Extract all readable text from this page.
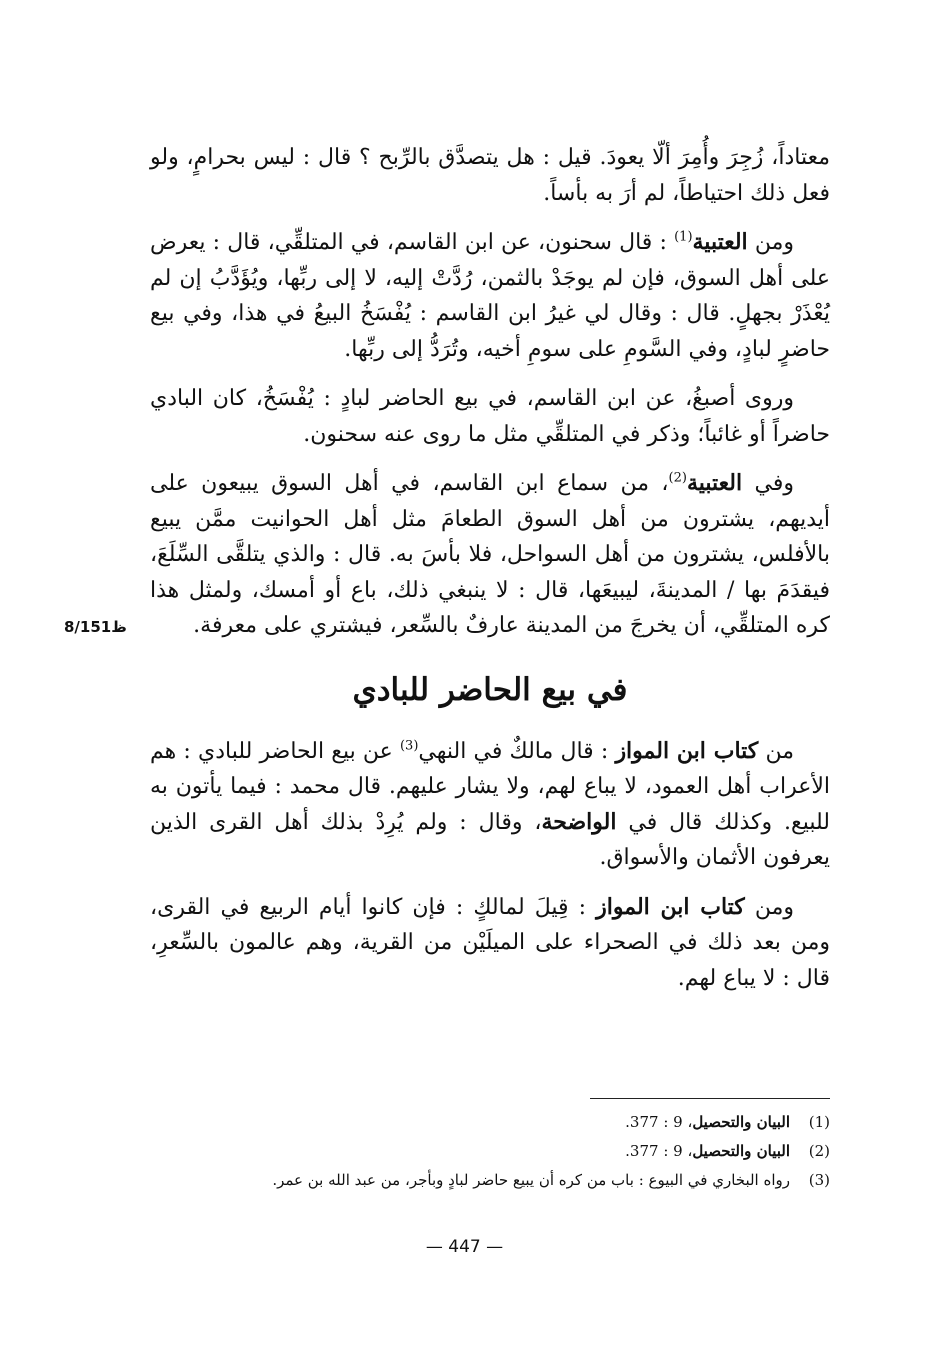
8/151ظ

معتاداً، زُجِرَ وأُمِرَ ألّا يعودَ. قيل : هل يتصدَّق بالرِّبح ؟ قال : ليس بحرامٍ، ولو فعل ذلك احتياطاً، لم أرَ به بأساً.

ومن العتبية$^{(1)}$ : قال سحنون، عن ابن القاسم، في المتلقِّي، قال : يعرض على أهل السوق، فإن لم يوجَدْ بالثمن، رُدَّتْ إليه، لا إلى ربِّها، ويُؤَدَّبُ إن لم يُعْذَرْ بجهلٍ. قال : وقال لي غيرُ ابن القاسم : يُفْسَخُ البيعُ في هذا، وفي بيع حاضرٍ لبادٍ، وفي السَّومِ على سومِ أخيه، وتُرَدُّ إلى ربِّها.

وروى أصبغُ، عن ابن القاسم، في بيع الحاضر لبادٍ : يُفْسَخُ، كان البادي حاضراً أو غائباً؛ وذكر في المتلقِّي مثل ما روى عنه سحنون.

وفي العتبية$^{(2)}$، من سماع ابن القاسم، في أهل السوق يبيعون على أيديهم، يشترون من أهل السوق الطعامَ مثل أهل الحوانيت ممَّن يبيع بالأفلس، يشترون من أهل السواحل، فلا بأسَ به. قال : والذي يتلقَّى السِّلَعَ، فيقدَمَ بها / المدينةَ، ليبيعَها، قال : لا ينبغي ذلك، باع أو أمسك، ولمثل هذا كره المتلقِّي، أن يخرجَ من المدينة عارفٌ بالسِّعر، فيشتري على معرفة.

في بيع الحاضر للبادي

من كتاب ابن المواز : قال مالكٌ في النهي$^{(3)}$ عن بيع الحاضر للبادي : هم الأعراب أهل العمود، لا يباع لهم، ولا يشار عليهم. قال محمد : فيما يأتون به للبيع. وكذلك قال في الواضحة، وقال : ولم يُرِدْ بذلك أهل القرى الذين يعرفون الأثمان والأسواق.

ومن كتاب ابن المواز : قِيلَ لمالكٍ : فإن كانوا أيام الربيع في القرى، ومن بعد ذلك في الصحراء على الميلَيْن من القرية، وهم عالمون بالسِّعرِ، قال : لا يباع لهم.

(1)
البيان والتحصيل، 9 : 377.
(2)
البيان والتحصيل، 9 : 377.
(3)
رواه البخاري في البيوع : باب من كره أن يبيع حاضر لبادٍ وبأجر، من عبد الله بن عمر.
— 447 —
